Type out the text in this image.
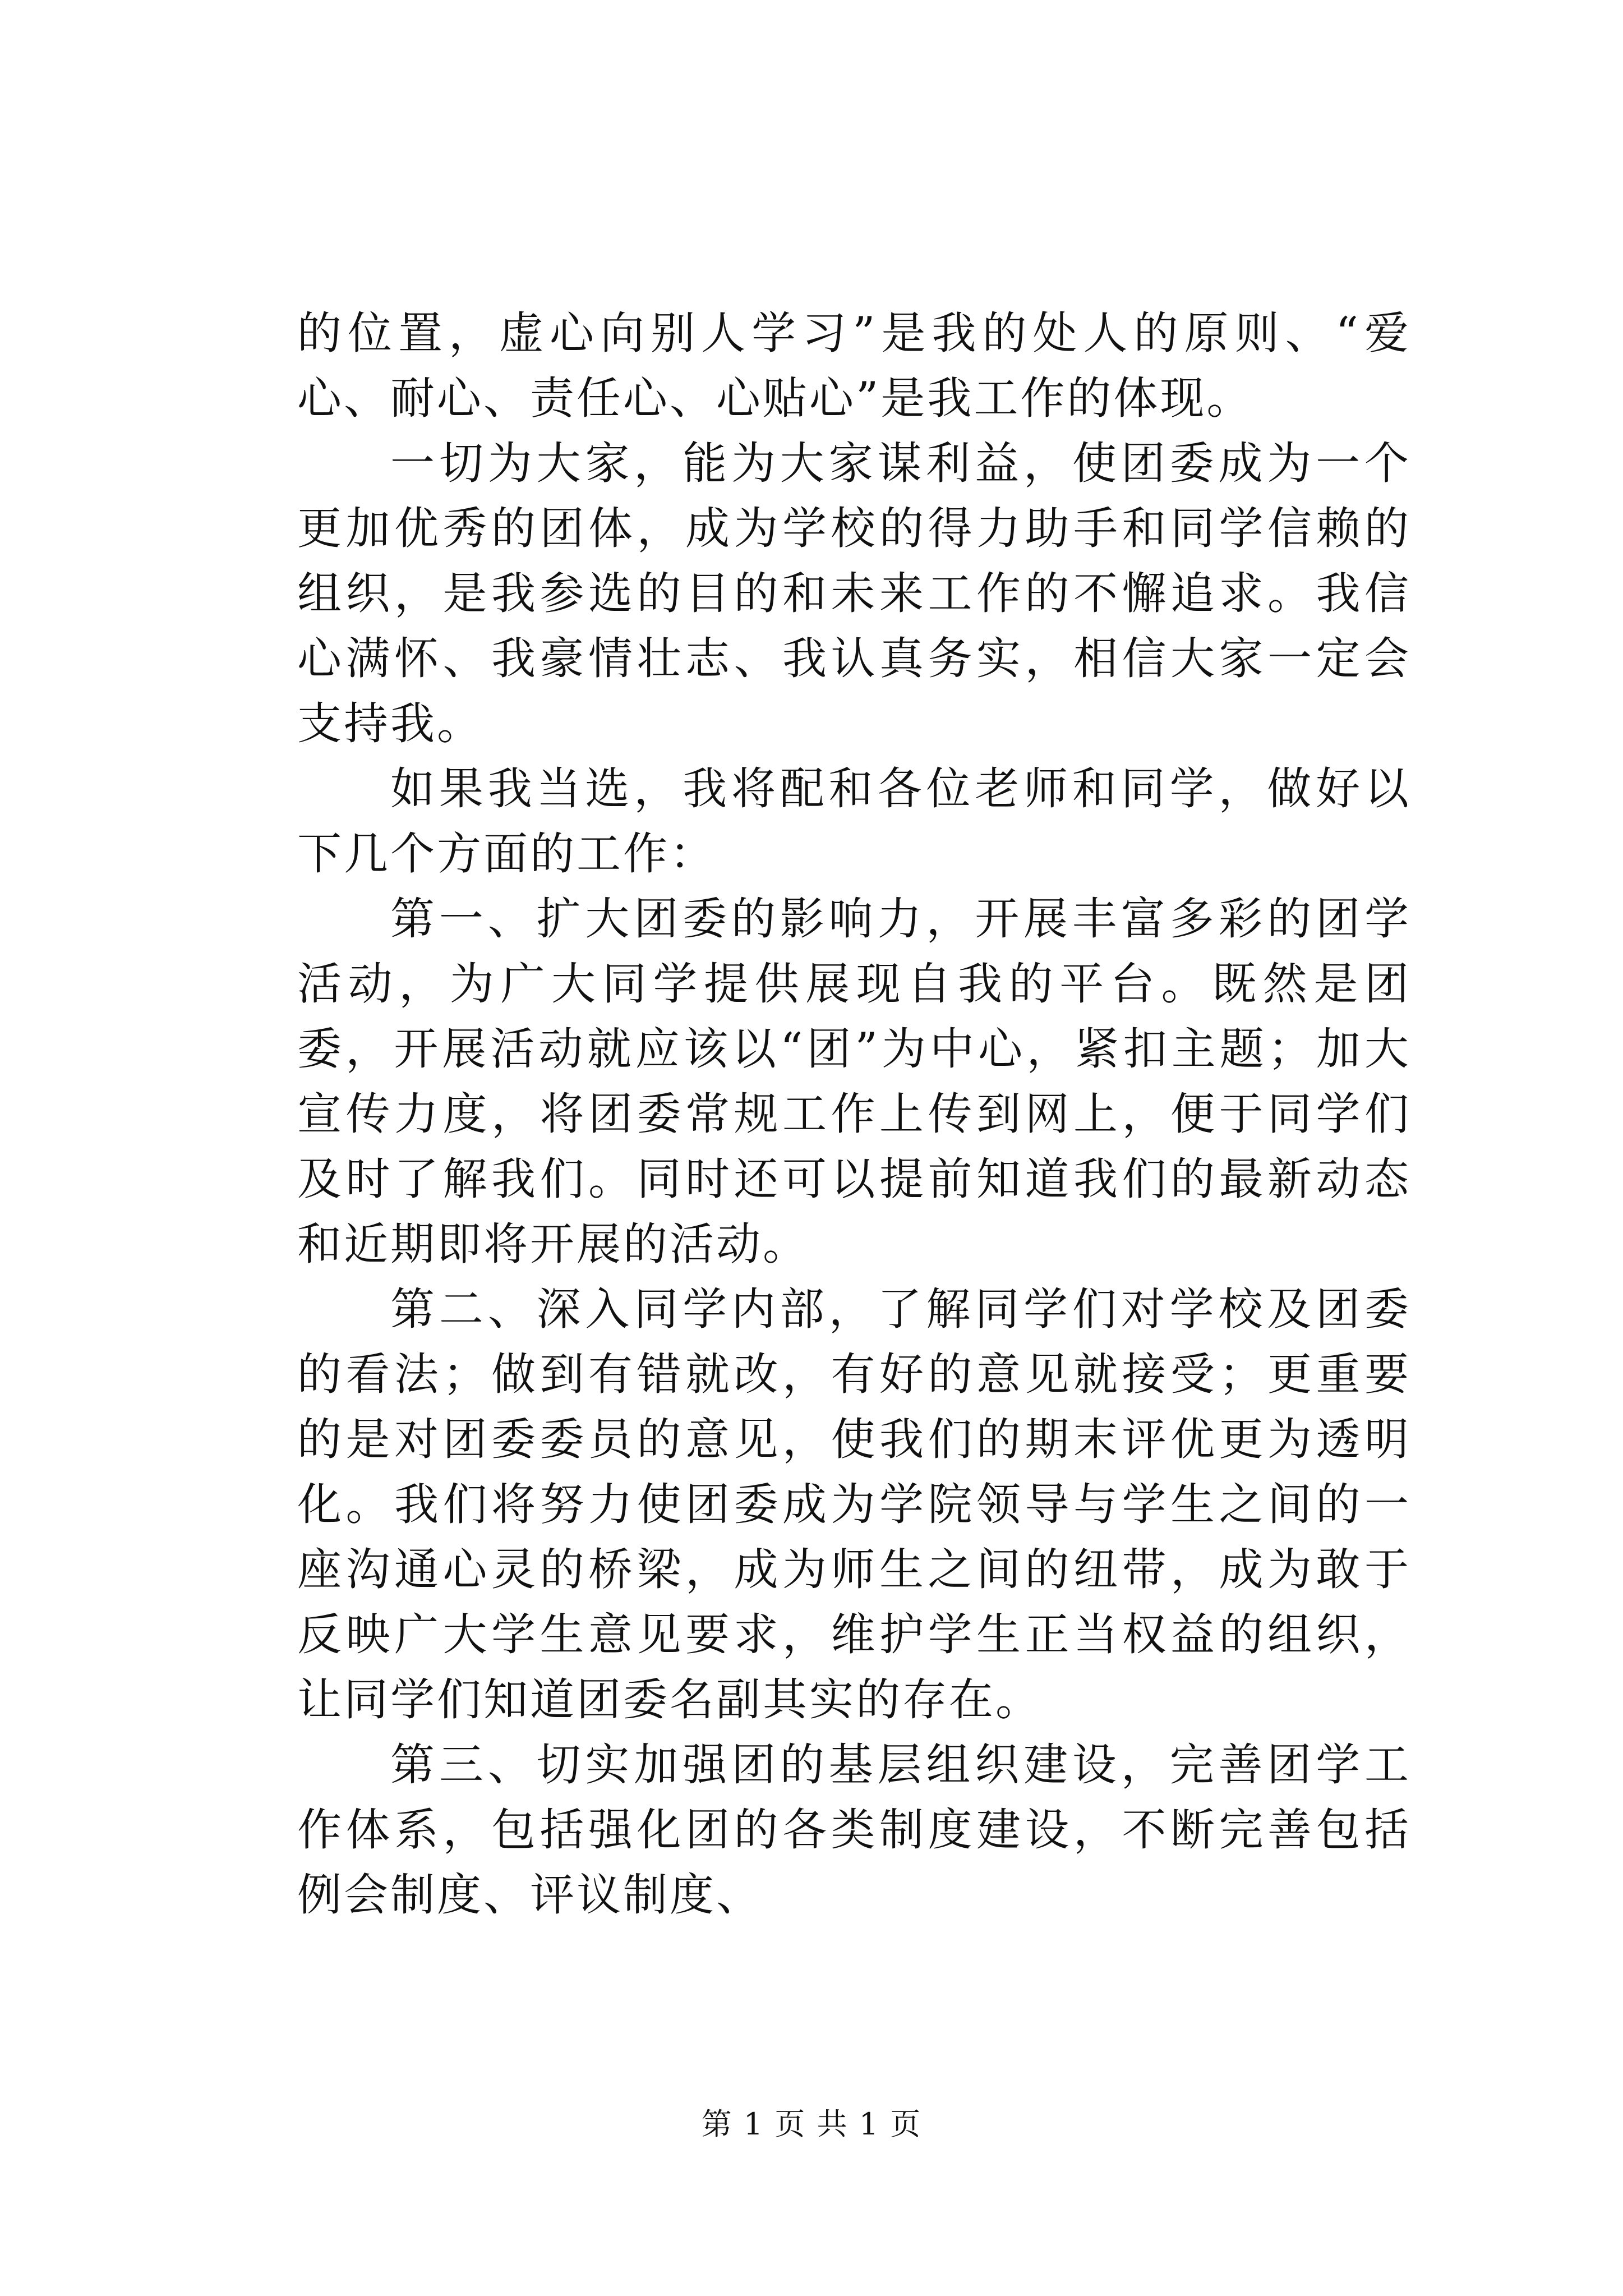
的位置，虚心向别人学习”是我的处人的原则、“爱心、耐心、责任心、心贴心”是我工作的体现。

一切为大家，能为大家谋利益，使团委成为一个更加优秀的团体，成为学校的得力助手和同学信赖的组织，是我参选的目的和未来工作的不懈追求。我信心满怀、我豪情壮志、我认真务实，相信大家一定会支持我。

如果我当选，我将配和各位老师和同学，做好以下几个方面的工作：

第一、扩大团委的影响力，开展丰富多彩的团学活动，为广大同学提供展现自我的平台。既然是团委，开展活动就应该以“团”为中心，紧扣主题；加大宣传力度，将团委常规工作上传到网上，便于同学们及时了解我们。同时还可以提前知道我们的最新动态和近期即将开展的活动。

第二、深入同学内部，了解同学们对学校及团委的看法；做到有错就改，有好的意见就接受；更重要的是对团委委员的意见，使我们的期末评优更为透明化。我们将努力使团委成为学院领导与学生之间的一座沟通心灵的桥梁，成为师生之间的纽带，成为敢于反映广大学生意见要求，维护学生正当权益的组织，让同学们知道团委名副其实的存在。

第三、切实加强团的基层组织建设，完善团学工作体系，包括强化团的各类制度建设，不断完善包括例会制度、评议制度、

第 1 页 共 1 页
